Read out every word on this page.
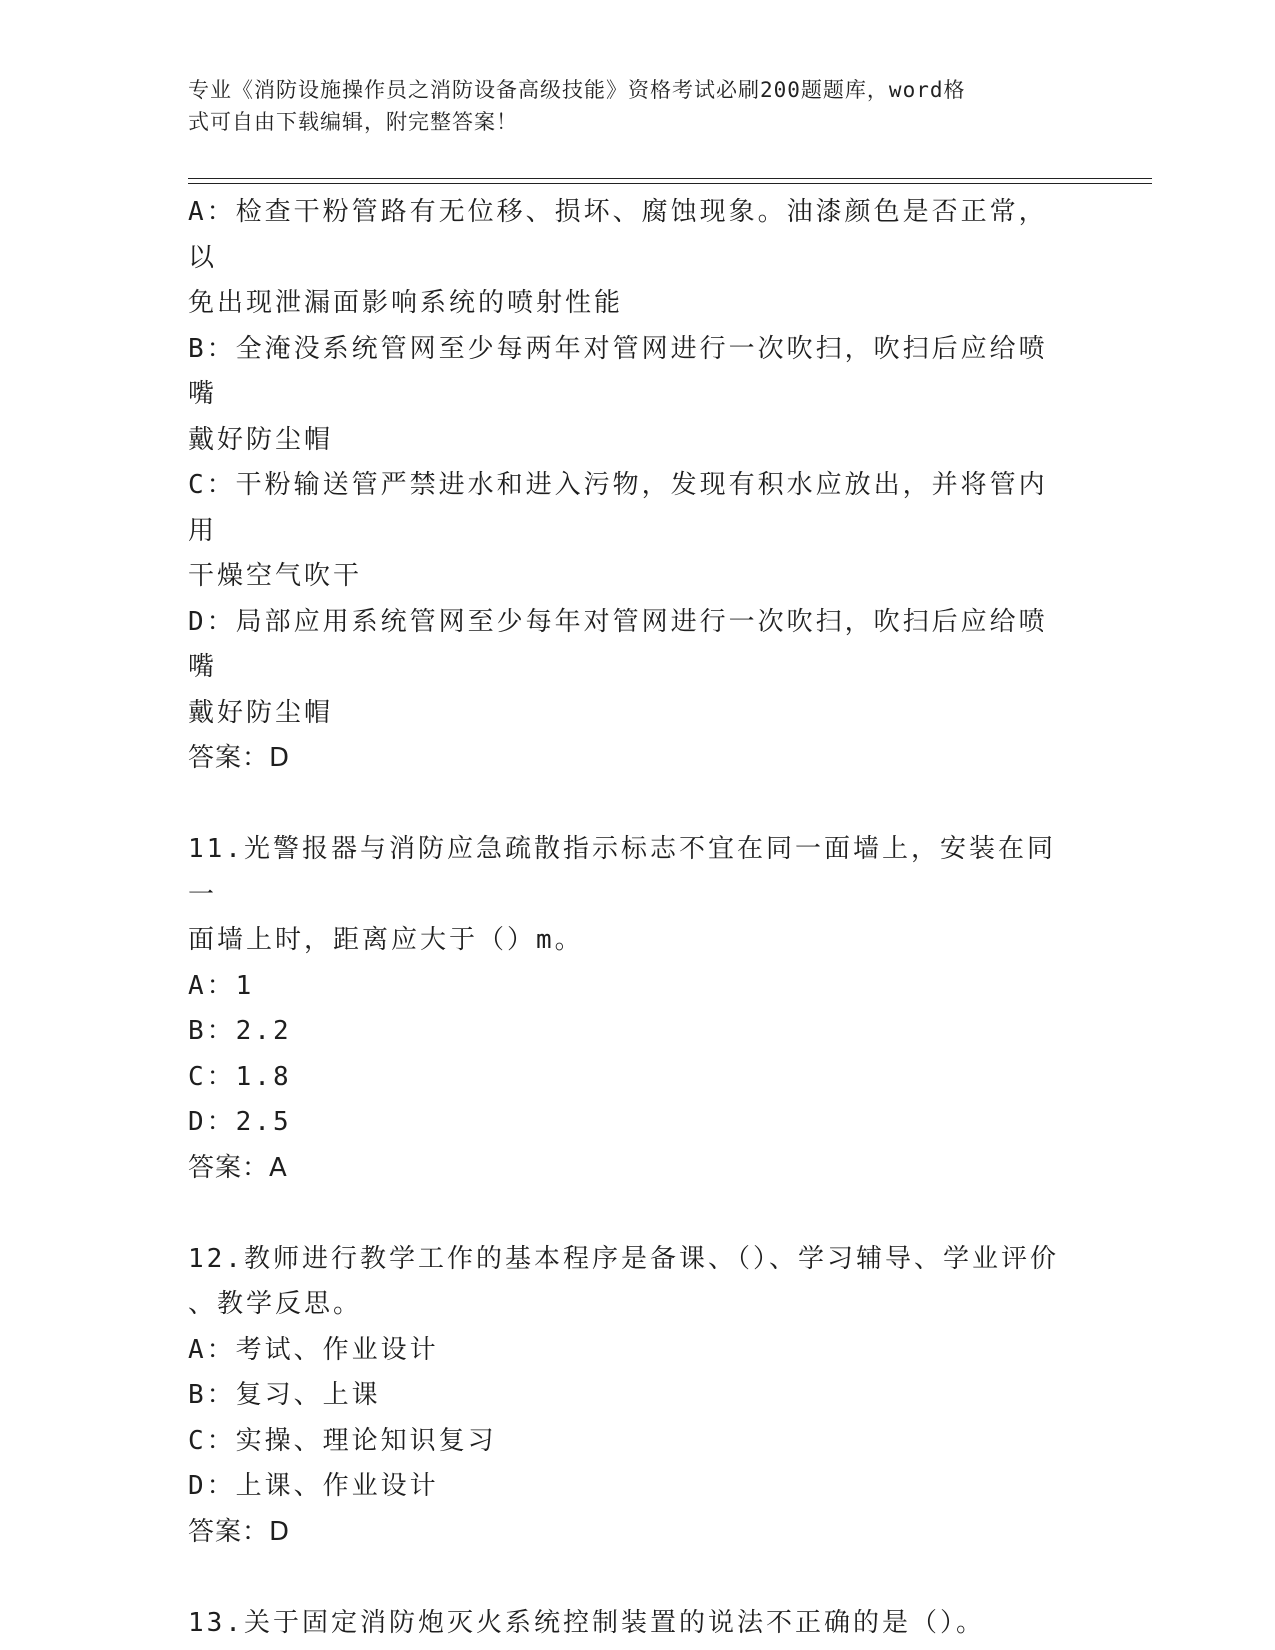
专业《消防设施操作员之消防设备高级技能》资格考试必刷200题题库，word格
式可自由下载编辑，附完整答案！
A：检查干粉管路有无位移、损坏、腐蚀现象。油漆颜色是否正常，以
免出现泄漏面影响系统的喷射性能
B：全淹没系统管网至少每两年对管网进行一次吹扫，吹扫后应给喷嘴
戴好防尘帽
C：干粉输送管严禁进水和进入污物，发现有积水应放出，并将管内用
干燥空气吹干
D：局部应用系统管网至少每年对管网进行一次吹扫，吹扫后应给喷嘴
戴好防尘帽
答案：D
11.光警报器与消防应急疏散指示标志不宜在同一面墙上，安装在同一
面墙上时，距离应大于（）m。
A：1
B：2.2
C：1.8
D：2.5
答案：A
12.教师进行教学工作的基本程序是备课、（）、学习辅导、学业评价
、教学反思。
A：考试、作业设计
B：复习、上课
C：实操、理论知识复习
D：上课、作业设计
答案：D
13.关于固定消防炮灭火系统控制装置的说法不正确的是（）。
